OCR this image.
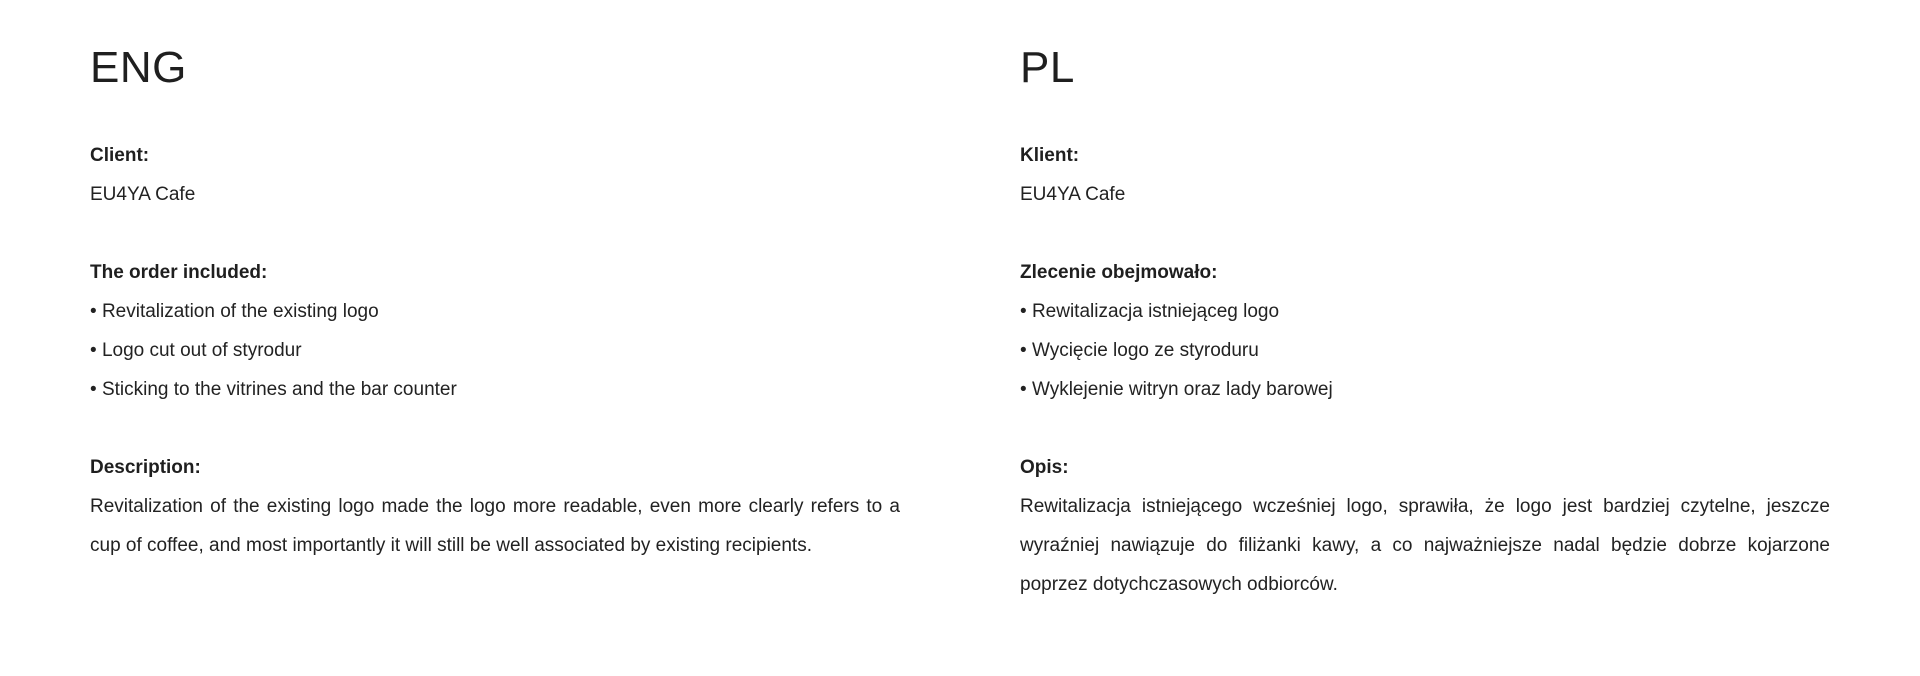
ENG

Client:

EU4YA Cafe

The order included:

• Revitalization of the existing logo
• Logo cut out of styrodur
• Sticking to the vitrines and the bar counter

Description:

Revitalization of the existing logo made the logo more readable, even more clearly refers to a cup of coffee, and most importantly it will still be well associated by existing recipients.

PL

Klient:

EU4YA Cafe

Zlecenie obejmowało:

• Rewitalizacja istniejąceg logo
• Wycięcie logo ze styroduru
• Wyklejenie witryn oraz lady barowej

Opis:

Rewitalizacja istniejącego wcześniej logo, sprawiła, że logo jest bardziej czytelne, jeszcze wyraźniej nawiązuje do filiżanki kawy, a co najważniejsze nadal będzie dobrze kojarzone poprzez dotychczasowych odbiorców.
